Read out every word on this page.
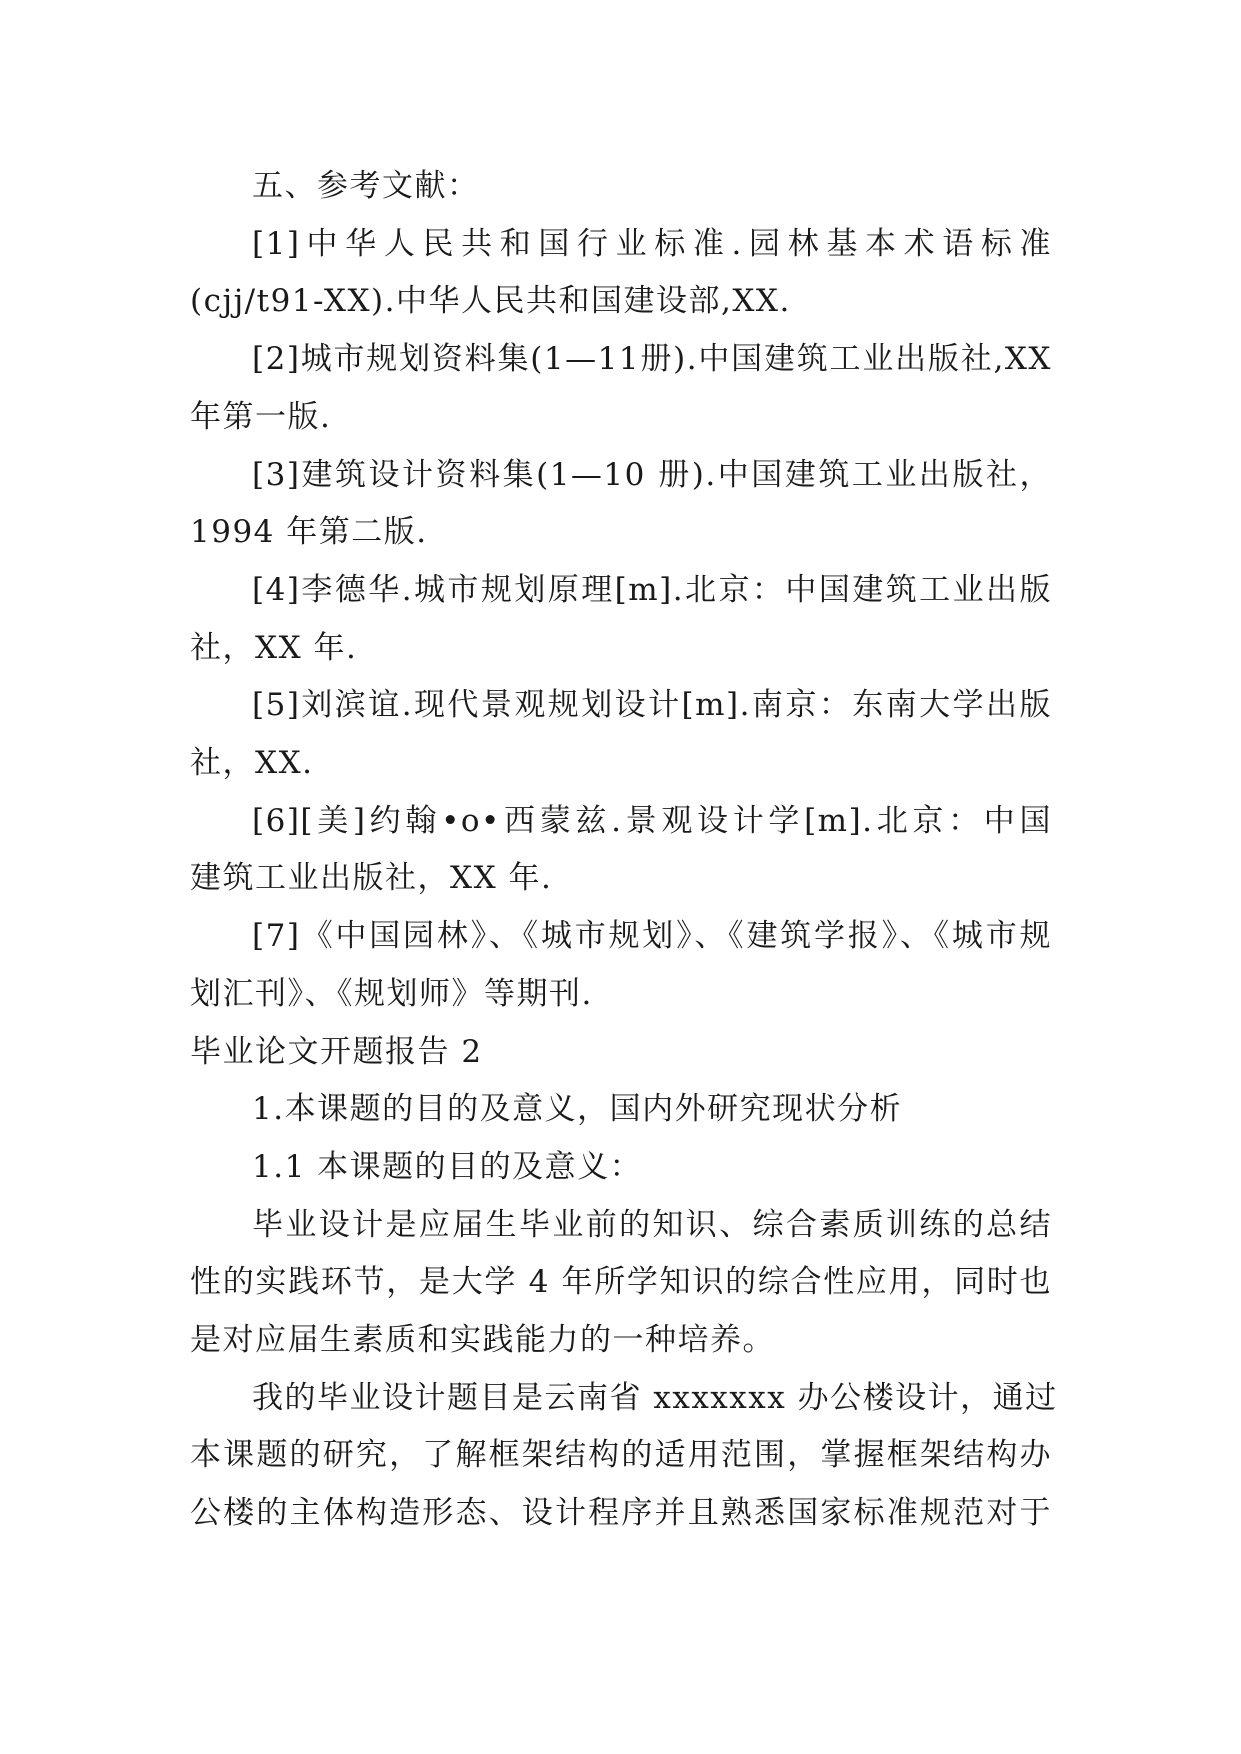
五、参考文献：
[1]中华人民共和国行业标准.园林基本术语标准
(cjj/t91-XX).中华人民共和国建设部,XX.
[2]城市规划资料集(1—11册).中国建筑工业出版社,XX
年第一版.
[3]建筑设计资料集(1—10 册).中国建筑工业出版社，
1994 年第二版.
[4]李德华.城市规划原理[m].北京：中国建筑工业出版
社，XX 年.
[5]刘滨谊.现代景观规划设计[m].南京：东南大学出版
社，XX.
[6][美]约翰•o•西蒙兹.景观设计学[m].北京：中国
建筑工业出版社，XX 年.
[7]《中国园林》、《城市规划》、《建筑学报》、《城市规
划汇刊》、《规划师》等期刊.
毕业论文开题报告 2
1.本课题的目的及意义，国内外研究现状分析
1.1 本课题的目的及意义：
毕业设计是应届生毕业前的知识、综合素质训练的总结
性的实践环节，是大学 4 年所学知识的综合性应用，同时也
是对应届生素质和实践能力的一种培养。
我的毕业设计题目是云南省 xxxxxxx 办公楼设计，通过
本课题的研究，了解框架结构的适用范围，掌握框架结构办
公楼的主体构造形态、设计程序并且熟悉国家标准规范对于
